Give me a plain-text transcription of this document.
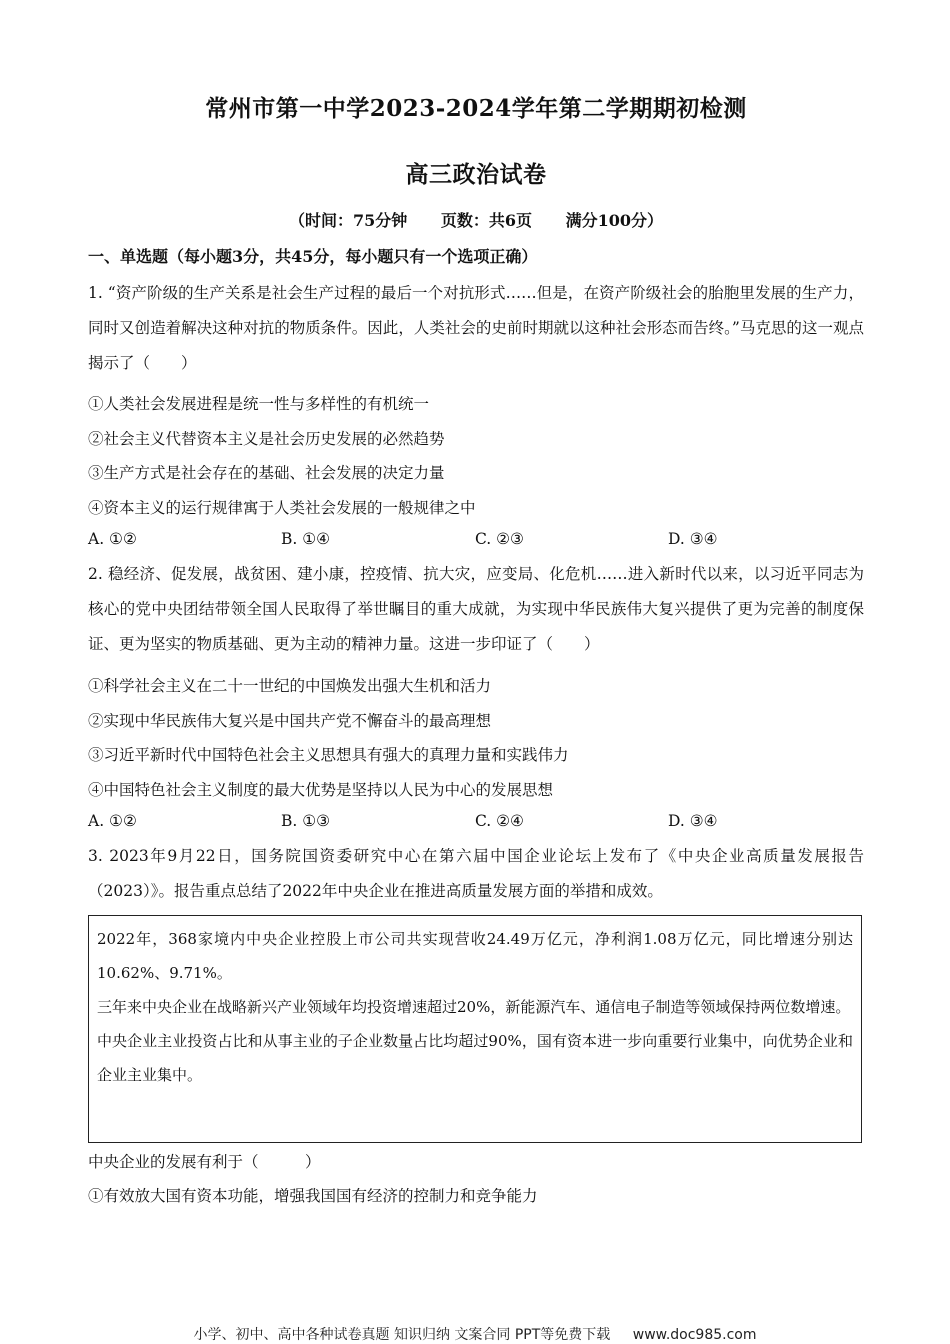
常州市第一中学2023-2024学年第二学期期初检测
高三政治试卷
（时间：75分钟 页数：共6页 满分100分）
一、单选题（每小题3分，共45分，每小题只有一个选项正确）
1. “资产阶级的生产关系是社会生产过程的最后一个对抗形式……但是，在资产阶级社会的胎胞里发展的生产力，同时又创造着解决这种对抗的物质条件。因此，人类社会的史前时期就以这种社会形态而告终。”马克思的这一观点揭示了（　　）
①人类社会发展进程是统一性与多样性的有机统一
②社会主义代替资本主义是社会历史发展的必然趋势
③生产方式是社会存在的基础、社会发展的决定力量
④资本主义的运行规律寓于人类社会发展的一般规律之中
A. ①②	B. ①④	C. ②③	D. ③④
2. 稳经济、促发展，战贫困、建小康，控疫情、抗大灾，应变局、化危机……进入新时代以来，以习近平同志为核心的党中央团结带领全国人民取得了举世瞩目的重大成就，为实现中华民族伟大复兴提供了更为完善的制度保证、更为坚实的物质基础、更为主动的精神力量。这进一步印证了（　　）
①科学社会主义在二十一世纪的中国焕发出强大生机和活力
②实现中华民族伟大复兴是中国共产党不懈奋斗的最高理想
③习近平新时代中国特色社会主义思想具有强大的真理力量和实践伟力
④中国特色社会主义制度的最大优势是坚持以人民为中心的发展思想
A. ①②	B. ①③	C. ②④	D. ③④
3. 2023年9月22日，国务院国资委研究中心在第六届中国企业论坛上发布了《中央企业高质量发展报告（2023）》。报告重点总结了2022年中央企业在推进高质量发展方面的举措和成效。

2022年，368家境内中央企业控股上市公司共实现营收24.49万亿元，净利润1.08万亿元，同比增速分别达10.62%、9.71%。

三年来中央企业在战略新兴产业领域年均投资增速超过20%，新能源汽车、通信电子制造等领域保持两位数增速。

中央企业主业投资占比和从事主业的子企业数量占比均超过90%，国有资本进一步向重要行业集中，向优势企业和企业主业集中。

中央企业的发展有利于（　　　）
①有效放大国有资本功能，增强我国国有经济的控制力和竞争能力
小学、初中、高中各种试卷真题 知识归纳 文案合同 PPT等免费下载 www.doc985.com
